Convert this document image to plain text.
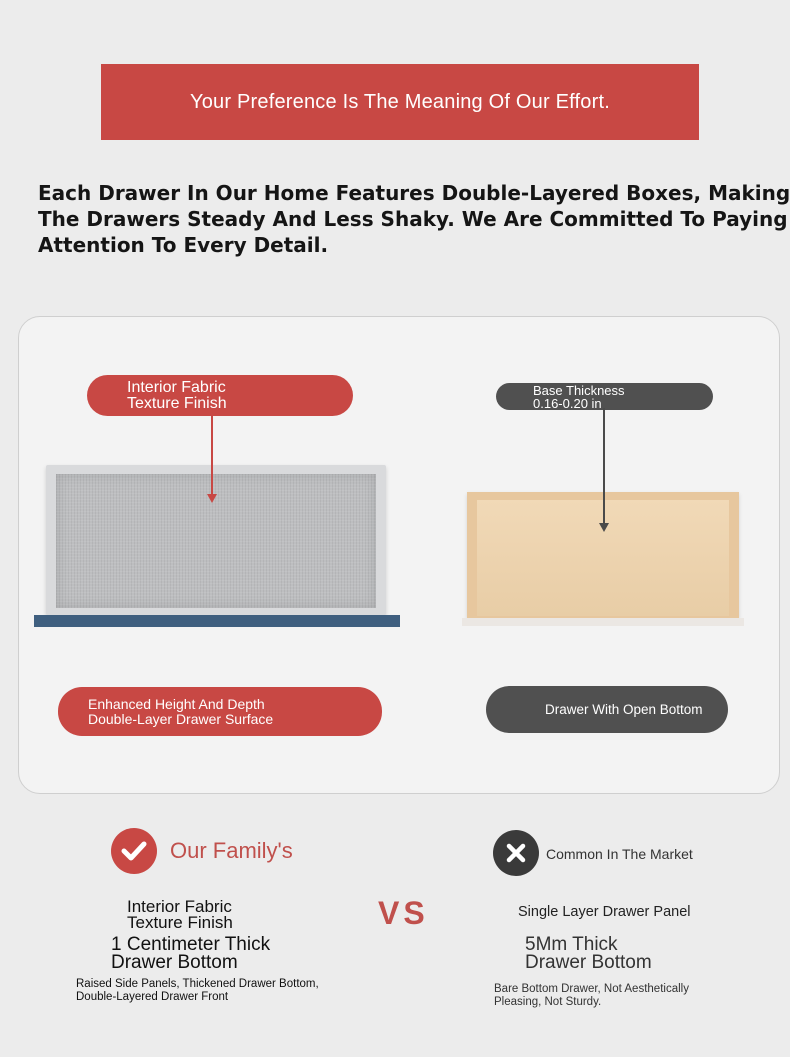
Your Preference Is The Meaning Of Our Effort.
Each Drawer In Our Home Features Double-Layered Boxes, Making
The Drawers Steady And Less Shaky. We Are Committed To Paying
Attention To Every Detail.
Interior Fabric
Texture Finish
Base Thickness
0.16-0.20 in
Enhanced Height And Depth
Double-Layer Drawer Surface
Drawer With Open Bottom
Our Family's	Common In The Market
VS
Interior Fabric
Texture Finish
1 Centimeter Thick
Drawer Bottom
Raised Side Panels, Thickened Drawer Bottom,
Double-Layered Drawer Front
Single Layer Drawer Panel
5Mm Thick
Drawer Bottom
Bare Bottom Drawer, Not Aesthetically
Pleasing, Not Sturdy.
